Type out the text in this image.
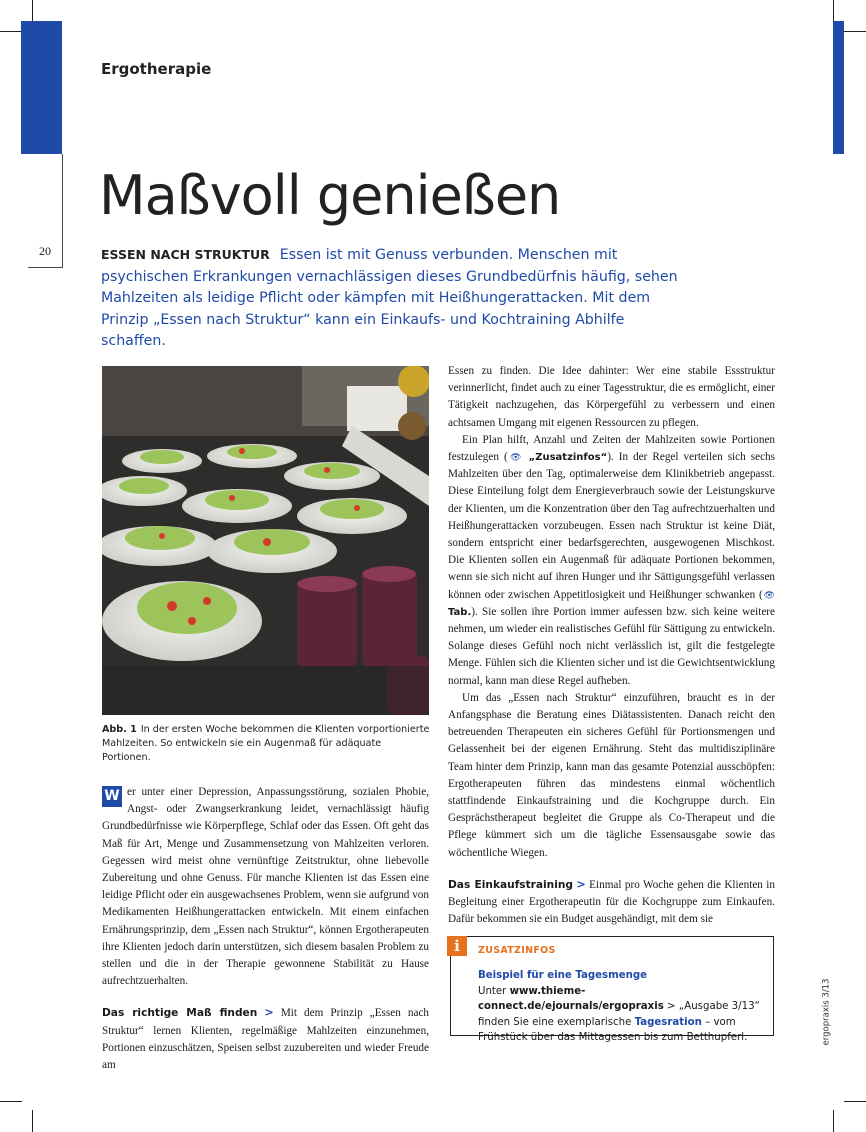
Ergotherapie
20
Maßvoll genießen
ESSEN NACH STRUKTUR Essen ist mit Genuss verbunden. Menschen mit psychischen Erkrankungen vernachlässigen dieses Grundbedürfnis häufig, sehen Mahlzeiten als leidige Pflicht oder kämpfen mit Heißhungerattacken. Mit dem Prinzip „Essen nach Struktur“ kann ein Einkaufs- und Kochtraining Abhilfe schaffen.
Abb. 1 In der ersten Woche bekommen die Klienten vorportionierte Mahlzeiten. So entwickeln sie ein Augenmaß für adäquate Portionen.

W er unter einer Depression, Anpassungsstörung, sozialen Phobie, Angst- oder Zwangserkrankung leidet, vernachlässigt häufig Grundbedürfnisse wie Körperpflege, Schlaf oder das Essen. Oft geht das Maß für Art, Menge und Zusammensetzung von Mahlzeiten verloren. Gegessen wird meist ohne vernünftige Zeitstruktur, ohne liebevolle Zubereitung und ohne Genuss. Für manche Klienten ist das Essen eine leidige Pflicht oder ein ausgewachsenes Problem, wenn sie aufgrund von Medikamenten Heißhungerattacken entwickeln. Mit einem einfachen Ernährungsprinzip, dem „Essen nach Struktur“, können Ergotherapeuten ihre Klienten jedoch darin unterstützen, sich diesem basalen Problem zu stellen und die in der Therapie gewonnene Stabilität zu Hause aufrechtzuerhalten.

Das richtige Maß finden > Mit dem Prinzip „Essen nach Struktur“ lernen Klienten, regelmäßige Mahlzeiten einzunehmen, Portionen einzuschätzen, Speisen selbst zuzubereiten und wieder Freude am

Essen zu finden. Die Idee dahinter: Wer eine stabile Essstruktur verinnerlicht, findet auch zu einer Tagesstruktur, die es ermöglicht, einer Tätigkeit nachzugehen, das Körpergefühl zu verbessern und einen achtsamen Umgang mit eigenen Ressourcen zu pflegen.

Ein Plan hilft, Anzahl und Zeiten der Mahlzeiten sowie Portionen festzulegen (👁 „Zusatzinfos“). In der Regel verteilen sich sechs Mahlzeiten über den Tag, optimalerweise dem Klinikbetrieb angepasst. Diese Einteilung folgt dem Energieverbrauch sowie der Leistungskurve der Klienten, um die Konzentration über den Tag aufrechtzuerhalten und Heißhungerattacken vorzubeugen. Essen nach Struktur ist keine Diät, sondern entspricht einer bedarfsgerechten, ausgewogenen Mischkost. Die Klienten sollen ein Augenmaß für adäquate Portionen bekommen, wenn sie sich nicht auf ihren Hunger und ihr Sättigungsgefühl verlassen können oder zwischen Appetitlosigkeit und Heißhunger schwanken (👁 Tab.). Sie sollen ihre Portion immer aufessen bzw. sich keine weitere nehmen, um wieder ein realistisches Gefühl für Sättigung zu entwickeln. Solange dieses Gefühl noch nicht verlässlich ist, gilt die festgelegte Menge. Fühlen sich die Klienten sicher und ist die Gewichtsentwicklung normal, kann man diese Regel aufheben.

Um das „Essen nach Struktur“ einzuführen, braucht es in der Anfangsphase die Beratung eines Diätassistenten. Danach reicht den betreuenden Therapeuten ein sicheres Gefühl für Portionsmengen und Gelassenheit bei der eigenen Ernährung. Steht das multidisziplinäre Team hinter dem Prinzip, kann man das gesamte Potenzial ausschöpfen: Ergotherapeuten führen das mindestens einmal wöchentlich stattfindende Einkaufstraining und die Kochgruppe durch. Ein Gesprächstherapeut begleitet die Gruppe als Co-Therapeut und die Pflege kümmert sich um die tägliche Essensausgabe sowie das wöchentliche Wiegen.

Das Einkaufstraining > Einmal pro Woche gehen die Klienten in Begleitung einer Ergotherapeutin für die Kochgruppe zum Einkaufen. Dafür bekommen sie ein Budget ausgehändigt, mit dem sie

i	ZUSATZINFOS
Beispiel für eine Tagesmenge
Unter www.thieme-connect.de/ejournals/ergopraxis > „Ausgabe 3/13“ finden Sie eine exemplarische Tagesration – vom Frühstück über das Mittagessen bis zum Betthupferl.	ergopraxis 3/13
